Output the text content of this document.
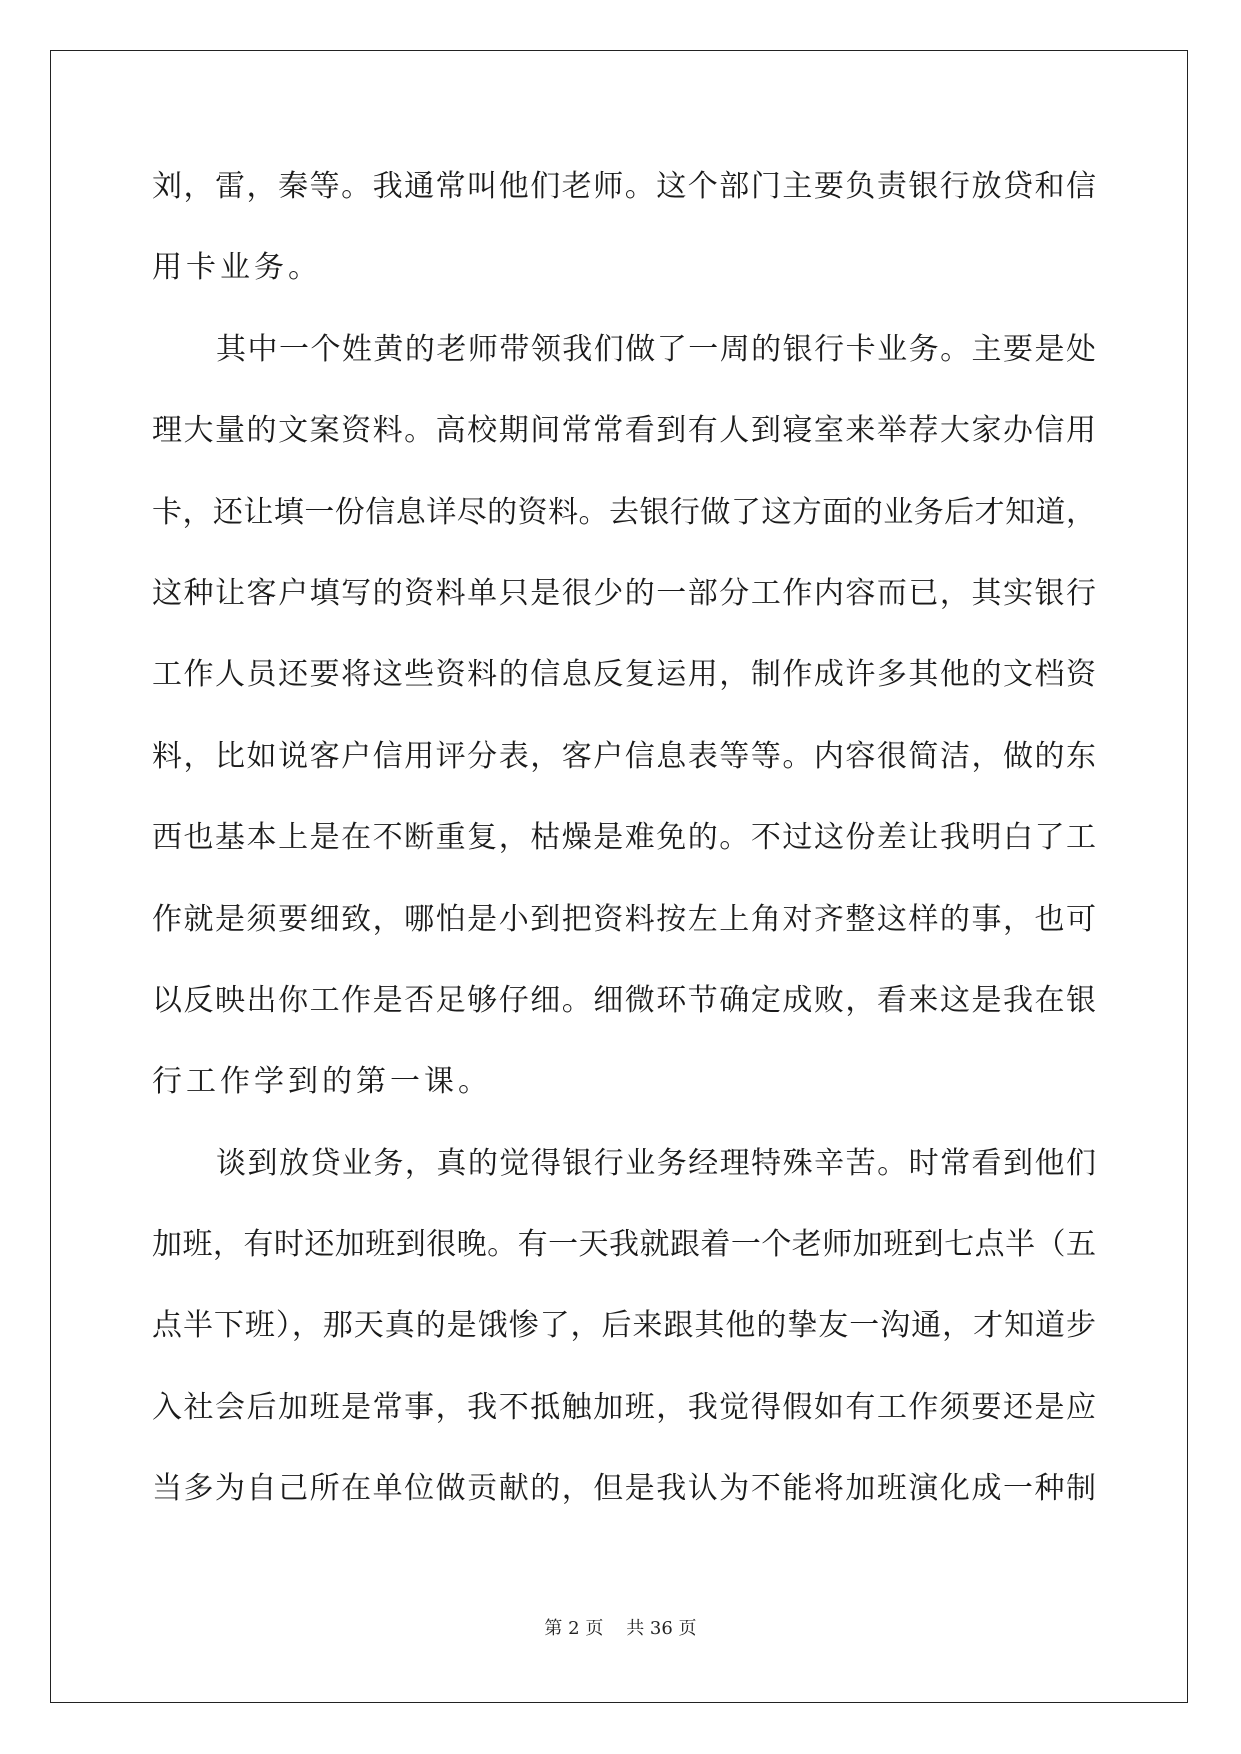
刘，雷，秦等。我通常叫他们老师。这个部门主要负责银行放贷和信
用卡业务。
其中一个姓黄的老师带领我们做了一周的银行卡业务。主要是处
理大量的文案资料。高校期间常常看到有人到寝室来举荐大家办信用
卡，还让填一份信息详尽的资料。去银行做了这方面的业务后才知道，
这种让客户填写的资料单只是很少的一部分工作内容而已，其实银行
工作人员还要将这些资料的信息反复运用，制作成许多其他的文档资
料，比如说客户信用评分表，客户信息表等等。内容很简洁，做的东
西也基本上是在不断重复，枯燥是难免的。不过这份差让我明白了工
作就是须要细致，哪怕是小到把资料按左上角对齐整这样的事，也可
以反映出你工作是否足够仔细。细微环节确定成败，看来这是我在银
行工作学到的第一课。
谈到放贷业务，真的觉得银行业务经理特殊辛苦。时常看到他们
加班，有时还加班到很晚。有一天我就跟着一个老师加班到七点半（五
点半下班），那天真的是饿惨了，后来跟其他的挚友一沟通，才知道步
入社会后加班是常事，我不抵触加班，我觉得假如有工作须要还是应
当多为自己所在单位做贡献的，但是我认为不能将加班演化成一种制
第 2 页    共 36 页
